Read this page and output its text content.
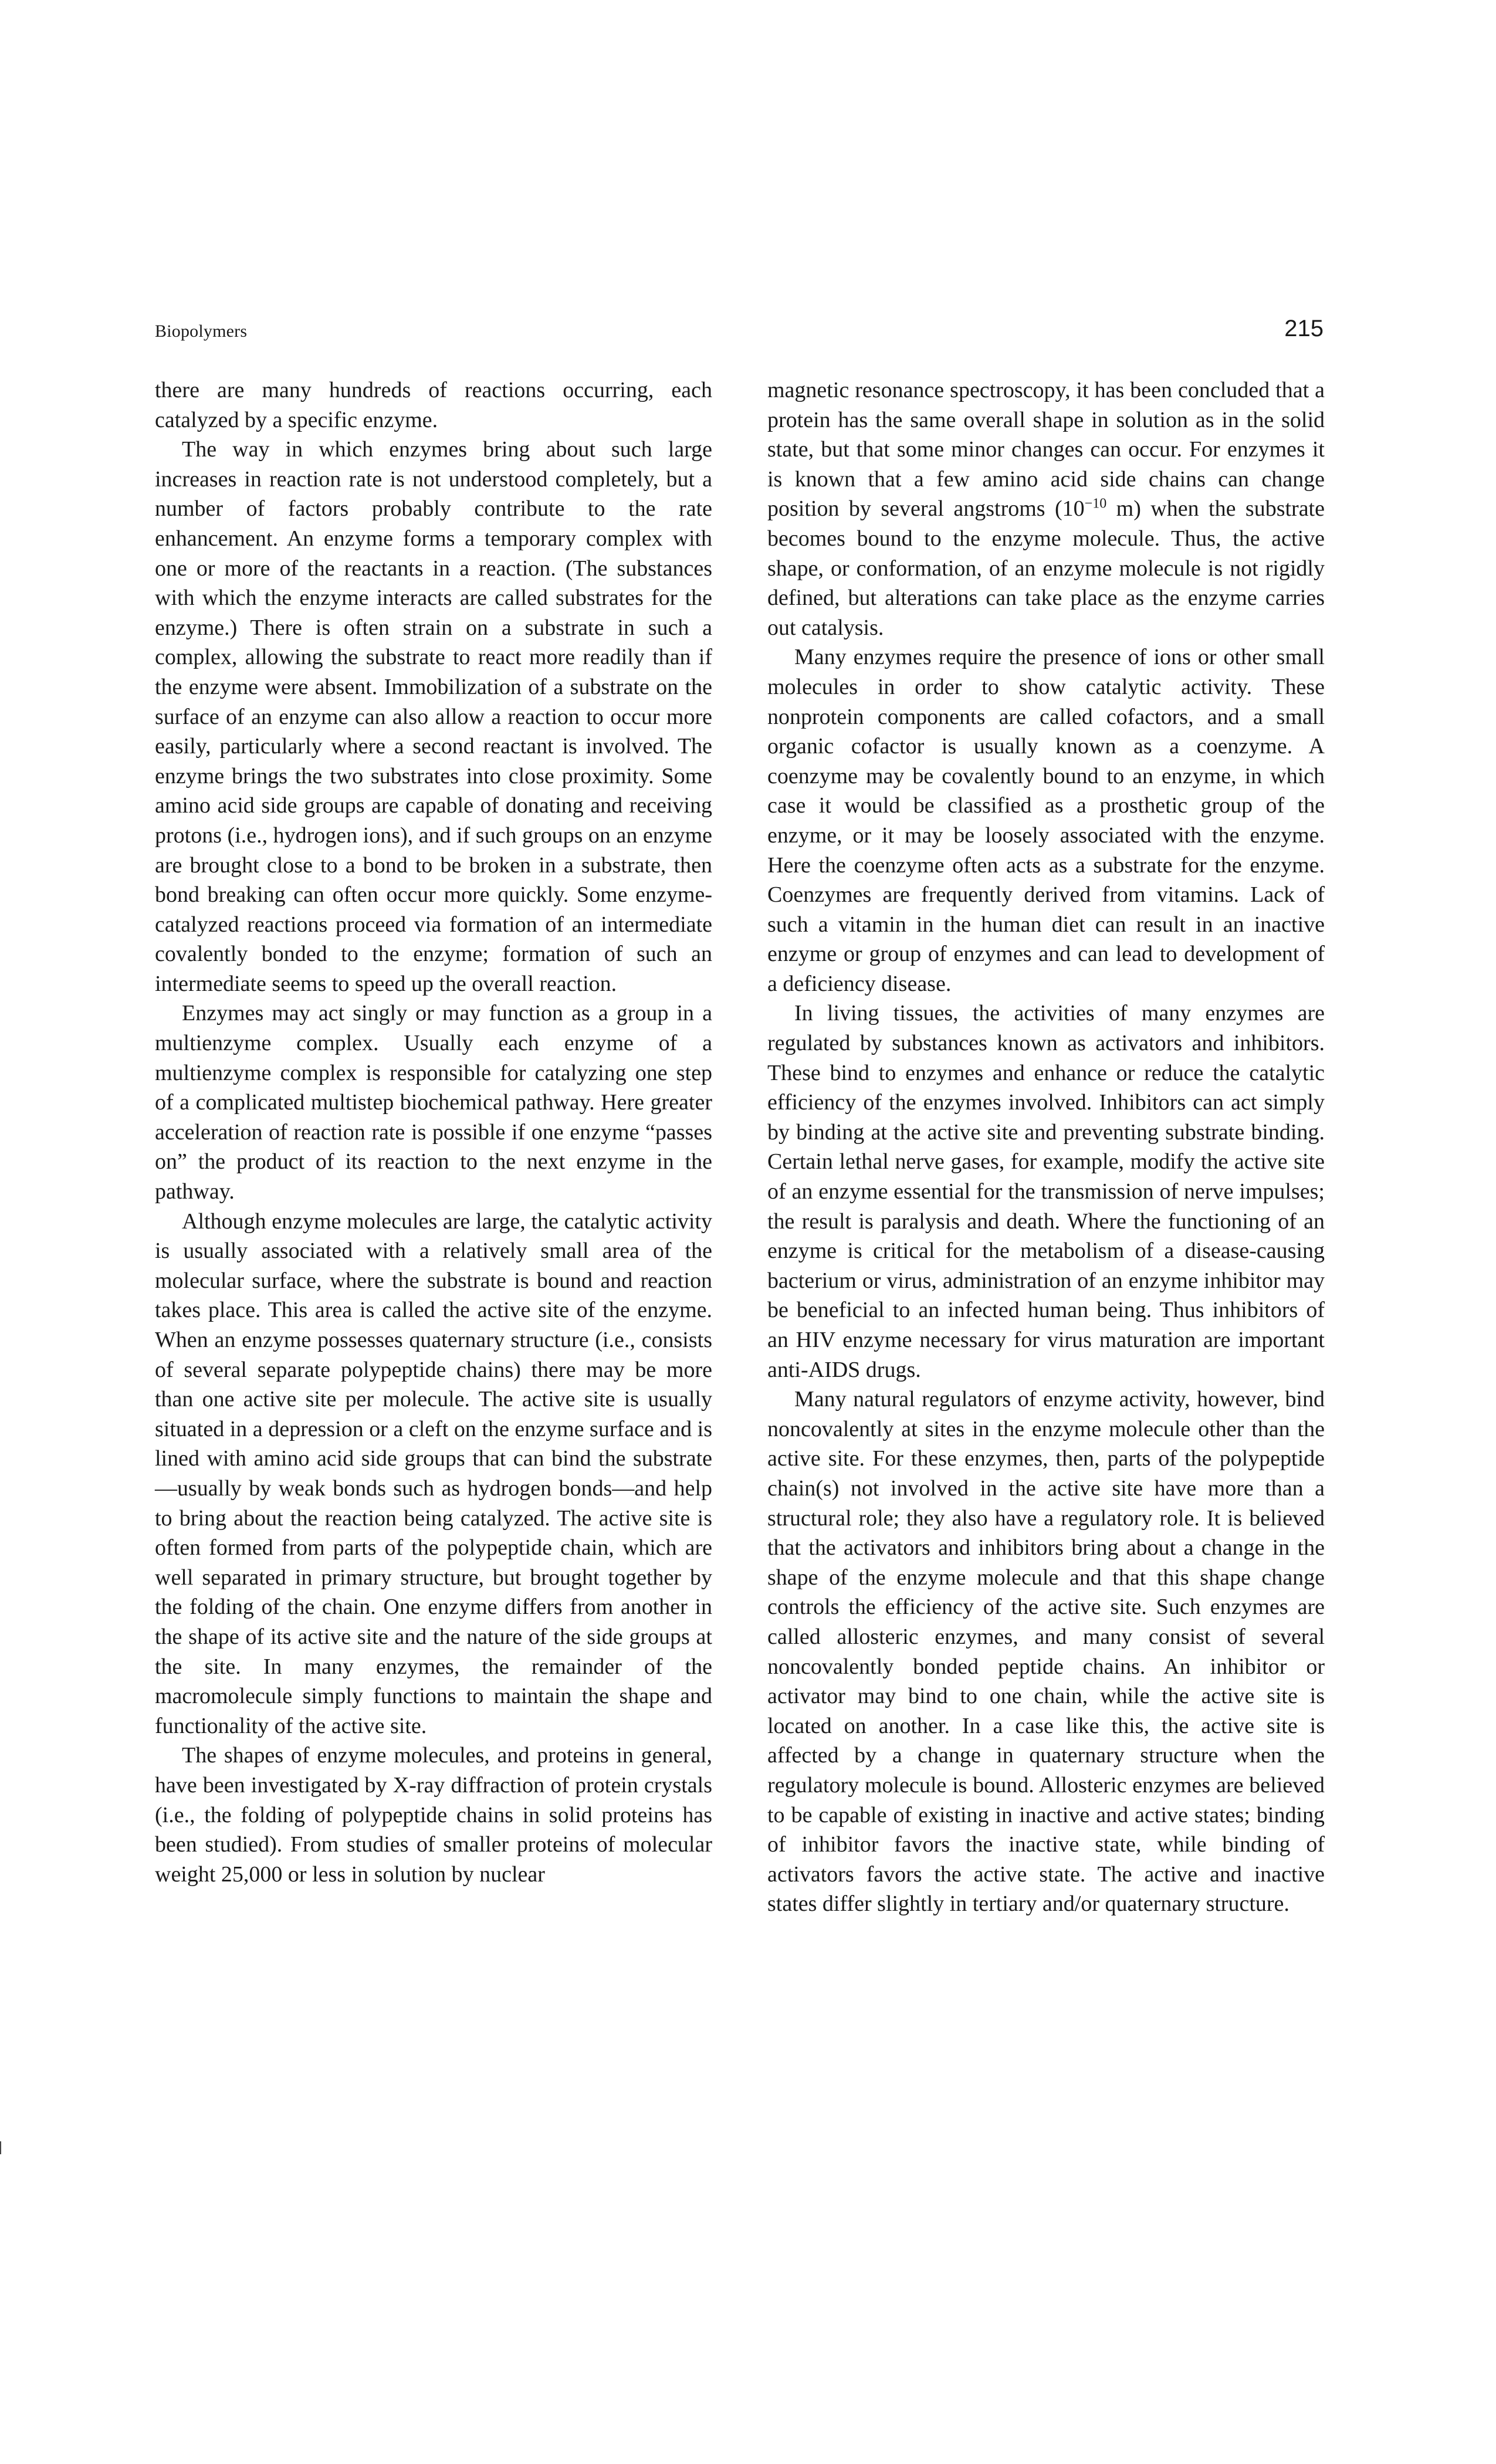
Biopolymers	215

there are many hundreds of reactions occurring, each catalyzed by a specific enzyme.

The way in which enzymes bring about such large increases in reaction rate is not understood completely, but a number of factors probably contribute to the rate enhancement. An enzyme forms a temporary complex with one or more of the reactants in a reaction. (The substances with which the enzyme interacts are called substrates for the enzyme.) There is often strain on a substrate in such a complex, allowing the substrate to react more readily than if the enzyme were absent. Immobilization of a substrate on the surface of an enzyme can also allow a reaction to occur more easily, particularly where a second reactant is involved. The enzyme brings the two substrates into close proximity. Some amino acid side groups are capable of donating and receiving protons (i.e., hydrogen ions), and if such groups on an enzyme are brought close to a bond to be broken in a substrate, then bond breaking can often occur more quickly. Some enzyme-catalyzed reactions proceed via formation of an intermediate covalently bonded to the enzyme; formation of such an intermediate seems to speed up the overall reaction.

Enzymes may act singly or may function as a group in a multienzyme complex. Usually each enzyme of a multienzyme complex is responsible for catalyzing one step of a complicated multistep biochemical pathway. Here greater acceleration of reaction rate is possible if one enzyme “passes on” the product of its reaction to the next enzyme in the pathway.

Although enzyme molecules are large, the catalytic activity is usually associated with a relatively small area of the molecular surface, where the substrate is bound and reaction takes place. This area is called the active site of the enzyme. When an enzyme possesses quaternary structure (i.e., consists of several separate polypeptide chains) there may be more than one active site per molecule. The active site is usually situated in a depression or a cleft on the enzyme surface and is lined with amino acid side groups that can bind the substrate—usually by weak bonds such as hydrogen bonds—and help to bring about the reaction being catalyzed. The active site is often formed from parts of the polypeptide chain, which are well separated in primary structure, but brought together by the folding of the chain. One enzyme differs from another in the shape of its active site and the nature of the side groups at the site. In many enzymes, the remainder of the macromolecule simply functions to maintain the shape and functionality of the active site.

The shapes of enzyme molecules, and proteins in general, have been investigated by X-ray diffraction of protein crystals (i.e., the folding of polypeptide chains in solid proteins has been studied). From studies of smaller proteins of molecular weight 25,000 or less in solution by nuclear

magnetic resonance spectroscopy, it has been concluded that a protein has the same overall shape in solution as in the solid state, but that some minor changes can occur. For enzymes it is known that a few amino acid side chains can change position by several angstroms ($10^{-10}$ m) when the substrate becomes bound to the enzyme molecule. Thus, the active shape, or conformation, of an enzyme molecule is not rigidly defined, but alterations can take place as the enzyme carries out catalysis.

Many enzymes require the presence of ions or other small molecules in order to show catalytic activity. These nonprotein components are called cofactors, and a small organic cofactor is usually known as a coenzyme. A coenzyme may be covalently bound to an enzyme, in which case it would be classified as a prosthetic group of the enzyme, or it may be loosely associated with the enzyme. Here the coenzyme often acts as a substrate for the enzyme. Coenzymes are frequently derived from vitamins. Lack of such a vitamin in the human diet can result in an inactive enzyme or group of enzymes and can lead to development of a deficiency disease.

In living tissues, the activities of many enzymes are regulated by substances known as activators and inhibitors. These bind to enzymes and enhance or reduce the catalytic efficiency of the enzymes involved. Inhibitors can act simply by binding at the active site and preventing substrate binding. Certain lethal nerve gases, for example, modify the active site of an enzyme essential for the transmission of nerve impulses; the result is paralysis and death. Where the functioning of an enzyme is critical for the metabolism of a disease-causing bacterium or virus, administration of an enzyme inhibitor may be beneficial to an infected human being. Thus inhibitors of an HIV enzyme necessary for virus maturation are important anti-AIDS drugs.

Many natural regulators of enzyme activity, however, bind noncovalently at sites in the enzyme molecule other than the active site. For these enzymes, then, parts of the polypeptide chain(s) not involved in the active site have more than a structural role; they also have a regulatory role. It is believed that the activators and inhibitors bring about a change in the shape of the enzyme molecule and that this shape change controls the efficiency of the active site. Such enzymes are called allosteric enzymes, and many consist of several noncovalently bonded peptide chains. An inhibitor or activator may bind to one chain, while the active site is located on another. In a case like this, the active site is affected by a change in quaternary structure when the regulatory molecule is bound. Allosteric enzymes are believed to be capable of existing in inactive and active states; binding of inhibitor favors the inactive state, while binding of activators favors the active state. The active and inactive states differ slightly in tertiary and/or quaternary structure.
